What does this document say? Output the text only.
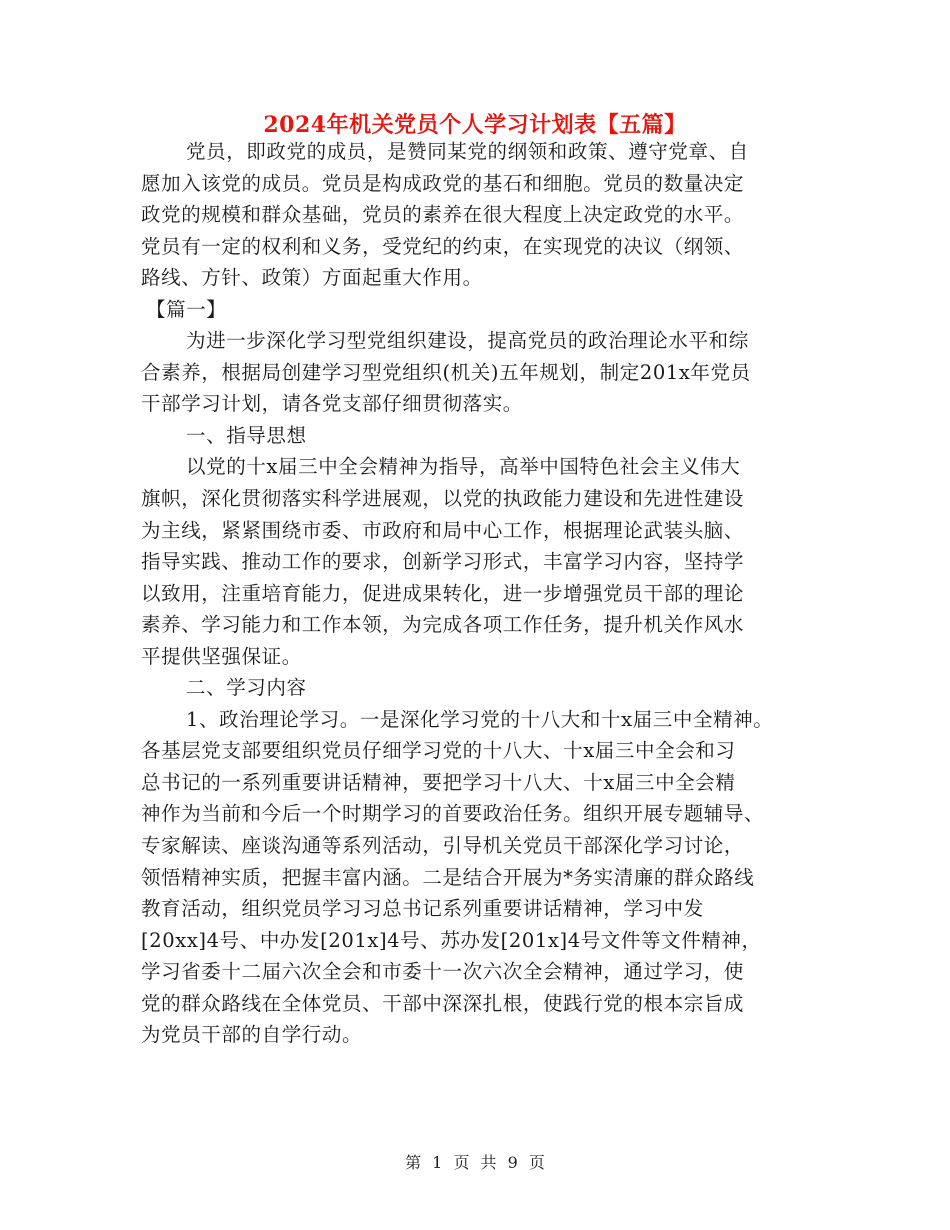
2024年机关党员个人学习计划表【五篇】
党员，即政党的成员，是赞同某党的纲领和政策、遵守党章、自
愿加入该党的成员。党员是构成政党的基石和细胞。党员的数量决定
政党的规模和群众基础，党员的素养在很大程度上决定政党的水平。
党员有一定的权利和义务，受党纪的约束，在实现党的决议（纲领、
路线、方针、政策）方面起重大作用。
【篇一】
为进一步深化学习型党组织建设，提高党员的政治理论水平和综
合素养，根据局创建学习型党组织(机关)五年规划，制定201x年党员
干部学习计划，请各党支部仔细贯彻落实。
一、指导思想
以党的十x届三中全会精神为指导，高举中国特色社会主义伟大
旗帜，深化贯彻落实科学进展观，以党的执政能力建设和先进性建设
为主线，紧紧围绕市委、市政府和局中心工作，根据理论武装头脑、
指导实践、推动工作的要求，创新学习形式，丰富学习内容，坚持学
以致用，注重培育能力，促进成果转化，进一步增强党员干部的理论
素养、学习能力和工作本领，为完成各项工作任务，提升机关作风水
平提供坚强保证。
二、学习内容
1、政治理论学习。一是深化学习党的十八大和十x届三中全精神。
各基层党支部要组织党员仔细学习党的十八大、十x届三中全会和习
总书记的一系列重要讲话精神，要把学习十八大、十x届三中全会精
神作为当前和今后一个时期学习的首要政治任务。组织开展专题辅导、
专家解读、座谈沟通等系列活动，引导机关党员干部深化学习讨论，
领悟精神实质，把握丰富内涵。二是结合开展为*务实清廉的群众路线
教育活动，组织党员学习习总书记系列重要讲话精神，学习中发
[20xx]4号、中办发[201x]4号、苏办发[201x]4号文件等文件精神，
学习省委十二届六次全会和市委十一次六次全会精神，通过学习，使
党的群众路线在全体党员、干部中深深扎根，使践行党的根本宗旨成
为党员干部的自学行动。
第 1 页 共 9 页
